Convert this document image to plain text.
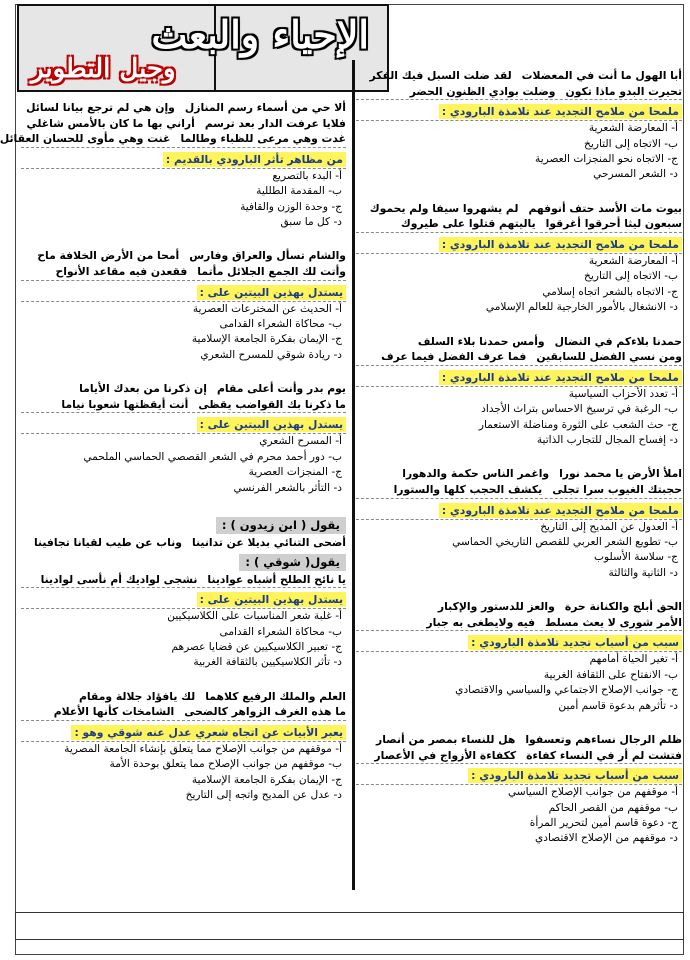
الإحياء والبعث
وجيل التطوير	أبا الهول ما أنت في المعضلاتلقد ضلت السبل فيك الفكر
تحيرت البدو ماذا تكونوضلت بوادي الظنون الحضر
ملمحا من ملامح التجديد عند تلامذة البارودي :
أ- المعارضة الشعرية
ب- الاتجاه إلى التاريخ
ج- الاتجاه نحو المنجزات العصرية
د- الشعر المسرحي
بيوت مات الأسد حتف أنوفهملم يشهروا سيفا ولم يحموك
سبعون ليثا أحرقوا أغرقواياليتهم قتلوا على طيروك
ملمحا من ملامح التجديد عند تلامذة البارودي :
أ- المعارضة الشعرية
ب- الاتجاه إلى التاريخ
ج- الاتجاه بالشعر اتجاه إسلامي
د- الانشغال بالأمور الخارجية للعالم الإسلامي
حمدنا بلاءكم في النضالوأمس حمدنا بلاء السلف
ومن نسي الفضل للسابقينفما عرف الفضل فيما عرف
ملمحا من ملامح التجديد عند تلامذة البارودي :
أ- تعدد الأحزاب السياسية
ب- الرغبة في ترسيخ الاحساس بتراث الأجداد
ج- حث الشعب على الثورة ومناضلة الاستعمار
د- إفساح المجال للتجارب الذاتية
املأ الأرض يا محمد نوراواغمر الناس حكمة والدهورا
حجبتك الغيوب سرا تجلىيكشف الحجب كلها والستورا
ملمحا من ملامح التجديد عند تلامذة البارودي :
أ- العدول عن المديح إلى التاريخ
ب- تطويع الشعر العربي للقصص التاريخي الحماسي
ج- سلاسة الأسلوب
د- الثانية والثالثة
الحق أبلج والكنانة حرةوالعز للدستور والإكبار
الأمر شورى لا يعث مسلطفيه ولايطغى به جبار
سبب من أسباب تجديد تلامذة البارودي :
أ- تغير الحياة أمامهم
ب- الانفتاح على الثقافة الغربية
ج- جوانب الإصلاح الاجتماعي والسياسي والاقتصادي
د- تأثرهم بدعوة قاسم أمين
ظلم الرجال نساءهم وتعسفواهل للنساء بمصر من أنصار
فتشت لم أر في النساء كفاءةككفاءة الأزواج في الأعصار
سبب من أسباب تجديد تلامذة البارودي :
أ- موقفهم من جوانب الإصلاح السياسي
ب- موقفهم من القصر الحاكم
ج- دعوة قاسم أمين لتحرير المرأة
د- موقفهم من الإصلاح الاقتصادي
ألا حي من أسماء رسم المنازلوإن هي لم ترجع بيانا لسائل
فلايا عرفت الدار بعد ترسمأراني بها ما كان بالأمس شاغلي
غدت وهي مرعى للظباء وطالماغنت وهي مأوى للحسان العقائل
من مظاهر تأثر البارودي بالقديم :
أ- البدء بالتصريع
ب- المقدمة الطللية
ج- وحدة الوزن والقافية
د- كل ما سبق
والشام تسأل والعراق وفارسأمحا من الأرض الخلافة ماح
وأتت لك الجمع الجلائل مأتمافقعدن فيه مقاعد الأنواح
يستدل بهذين البيتين على :
أ- الحديث عن المخترعات العصرية
ب- محاكاة الشعراء القدامى
ج- الإيمان بفكرة الجامعة الإسلامية
د- ريادة شوقي للمسرح الشعري
يوم بدر وأنت أعلى مقامإن ذكرنا من بعدك الأياما
ما ذكرنا بك القواضب يقظىأنت أيقظتها شعوبا نياما
يستدل بهذين البيتين على :
أ- المسرح الشعري
ب- دور أحمد محرم في الشعر القصصي الحماسي الملحمي
ج- المنجزات العصرية
د- التأثر بالشعر الفرنسي
يقول ( ابن زيدون ) :
أضحى التنائي بديلا عن تدانيناوناب عن طيب لقيانا تجافينا
يقول( شوقي ) :
يا نائح الطلح أشباه عوادينانشجى لواديك أم نأسى لوادينا
يستدل بهذين البيتين على :
أ- غلبة شعر المناسبات على الكلاسيكيين
ب- محاكاة الشعراء القدامى
ج- تعبير الكلاسيكيين عن قضايا عصرهم
د- تأثر الكلاسيكيين بالثقافة الغربية
العلم والملك الرفيع كلاهمالك يافؤاد جلالة ومقام
ما هذه الغرف الزواهر كالضحىالشامخات كأنها الأعلام
يعبر الأبيات عن اتجاه شعري عدل عنه شوقي وهو :
أ- موقفهم من جوانب الإصلاح مما يتعلق بإنشاء الجامعة المصرية
ب- موقفهم من جوانب الإصلاح مما يتعلق بوحدة الأمة
ج- الإيمان بفكرة الجامعة الإسلامية
د- عدل عن المديح واتجه إلى التاريخ
